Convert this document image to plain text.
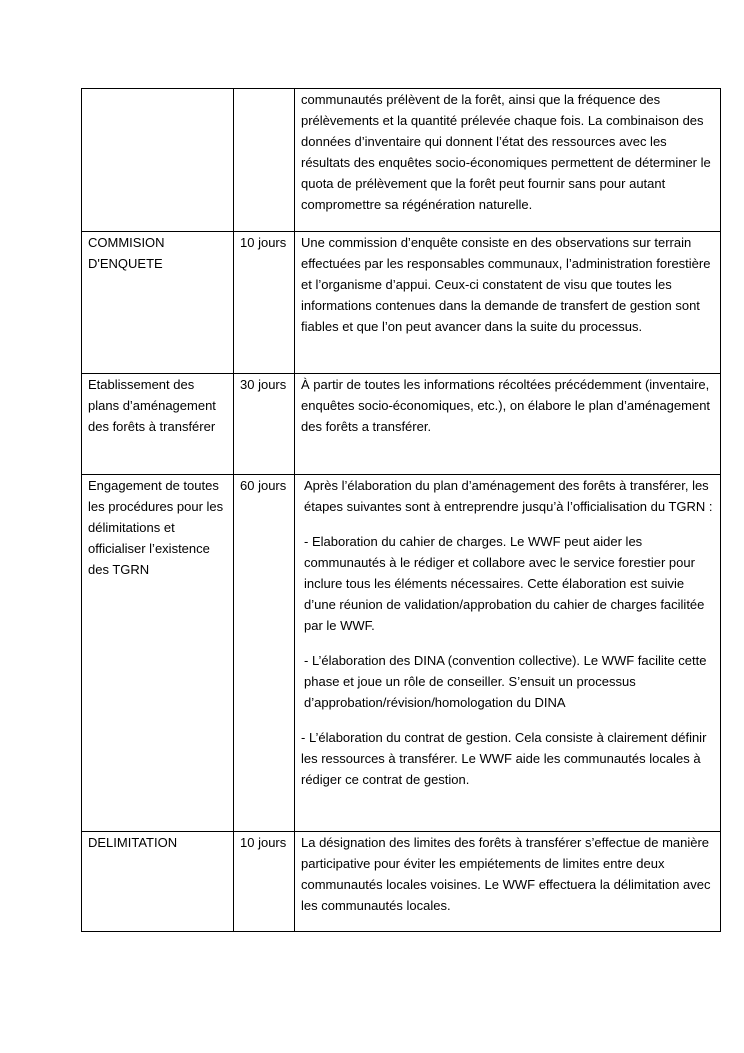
		communautés prélèvent de la forêt, ainsi que la fréquence des prélèvements et la quantité prélevée chaque fois. La combinaison des données d’inventaire qui donnent l’état des ressources avec les résultats des enquêtes socio-économiques permettent de déterminer le quota de prélèvement que la forêt peut fournir sans pour autant compromettre sa régénération naturelle.

COMMISION D'ENQUETE	10 jours	Une commission d’enquête consiste en des observations sur terrain effectuées par les responsables communaux, l’administration forestière et l’organisme d’appui. Ceux-ci constatent de visu que toutes les informations contenues dans la demande de transfert de gestion sont fiables et que l’on peut avancer dans la suite du processus.

Etablissement des plans d’aménagement des forêts à transférer	30 jours	À partir de toutes les informations récoltées précédemment (inventaire, enquêtes socio-économiques, etc.), on élabore le plan d’aménagement des forêts a transférer.

Engagement de toutes les procédures pour les délimitations et officialiser l’existence des TGRN	60 jours	Après l’élaboration du plan d’aménagement des forêts à transférer, les étapes suivantes sont à entreprendre jusqu’à l’officialisation du TGRN :
- Elaboration du cahier de charges. Le WWF peut aider les communautés à le rédiger et collabore avec le service forestier pour inclure tous les éléments nécessaires. Cette élaboration est suivie d’une réunion de validation/approbation du cahier de charges facilitée par le WWF.
- L’élaboration des DINA (convention collective). Le WWF facilite cette phase et joue un rôle de conseiller. S’ensuit un processus d’approbation/révision/homologation du DINA
- L’élaboration du contrat de gestion. Cela consiste à clairement définir les ressources à transférer. Le WWF aide les communautés locales à rédiger ce contrat de gestion.

DELIMITATION	10 jours	La désignation des limites des forêts à transférer s’effectue de manière participative pour éviter les empiétements de limites entre deux communautés locales voisines. Le WWF effectuera la délimitation avec les communautés locales.
